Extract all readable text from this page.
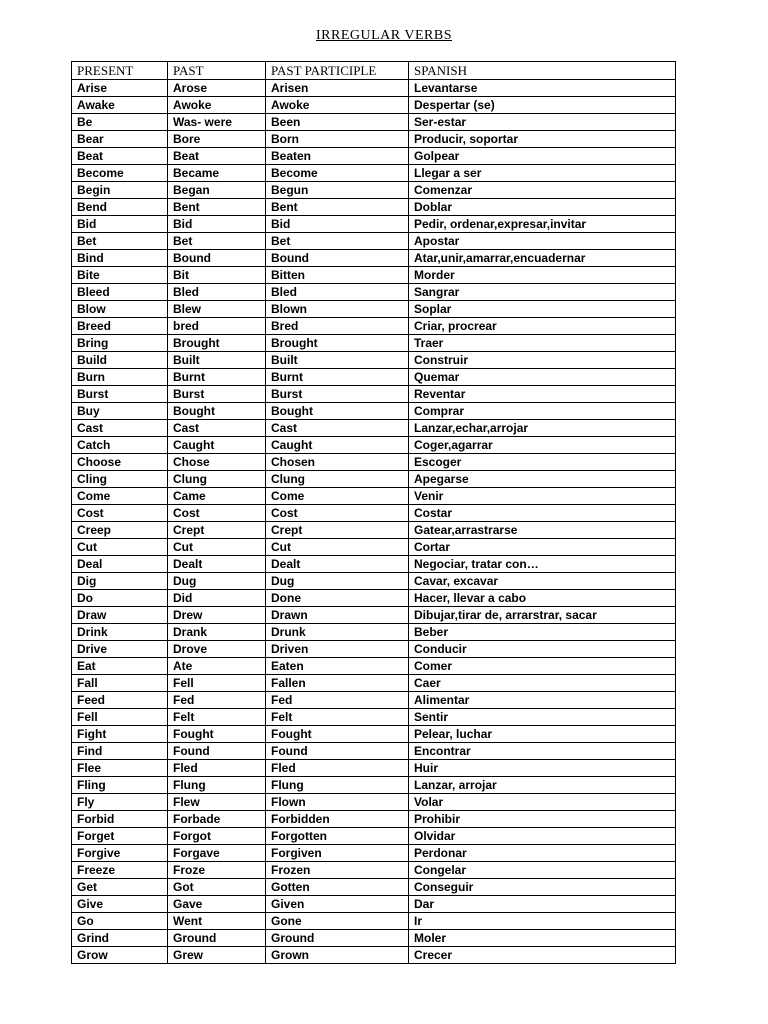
IRREGULAR VERBS
PRESENT	PAST	PAST PARTICIPLE	SPANISH
Arise	Arose	Arisen	Levantarse
Awake	Awoke	Awoke	Despertar (se)
Be	Was- were	Been	Ser-estar
Bear	Bore	Born	Producir, soportar
Beat	Beat	Beaten	Golpear
Become	Became	Become	Llegar a ser
Begin	Began	Begun	Comenzar
Bend	Bent	Bent	Doblar
Bid	Bid	Bid	Pedir, ordenar,expresar,invitar
Bet	Bet	Bet	Apostar
Bind	Bound	Bound	Atar,unir,amarrar,encuadernar
Bite	Bit	Bitten	Morder
Bleed	Bled	Bled	Sangrar
Blow	Blew	Blown	Soplar
Breed	bred	Bred	Criar, procrear
Bring	Brought	Brought	Traer
Build	Built	Built	Construir
Burn	Burnt	Burnt	Quemar
Burst	Burst	Burst	Reventar
Buy	Bought	Bought	Comprar
Cast	Cast	Cast	Lanzar,echar,arrojar
Catch	Caught	Caught	Coger,agarrar
Choose	Chose	Chosen	Escoger
Cling	Clung	Clung	Apegarse
Come	Came	Come	Venir
Cost	Cost	Cost	Costar
Creep	Crept	Crept	Gatear,arrastrarse
Cut	Cut	Cut	Cortar
Deal	Dealt	Dealt	Negociar, tratar con…
Dig	Dug	Dug	Cavar, excavar
Do	Did	Done	Hacer, llevar a cabo
Draw	Drew	Drawn	Dibujar,tirar de, arrarstrar, sacar
Drink	Drank	Drunk	Beber
Drive	Drove	Driven	Conducir
Eat	Ate	Eaten	Comer
Fall	Fell	Fallen	Caer
Feed	Fed	Fed	Alimentar
Fell	Felt	Felt	Sentir
Fight	Fought	Fought	Pelear, luchar
Find	Found	Found	Encontrar
Flee	Fled	Fled	Huir
Fling	Flung	Flung	Lanzar, arrojar
Fly	Flew	Flown	Volar
Forbid	Forbade	Forbidden	Prohibir
Forget	Forgot	Forgotten	Olvidar
Forgive	Forgave	Forgiven	Perdonar
Freeze	Froze	Frozen	Congelar
Get	Got	Gotten	Conseguir
Give	Gave	Given	Dar
Go	Went	Gone	Ir
Grind	Ground	Ground	Moler
Grow	Grew	Grown	Crecer
